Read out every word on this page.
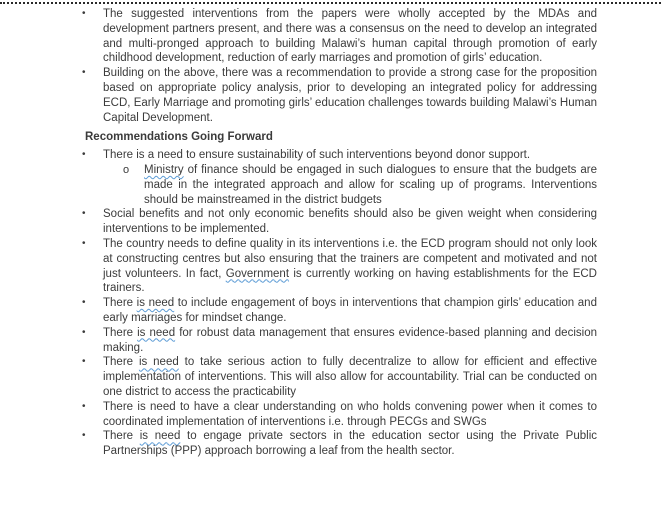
•	The suggested interventions from the papers were wholly accepted by the MDAs and development partners present, and there was a consensus on the need to develop an integrated and multi-pronged approach to building Malawi’s human capital through promotion of early childhood development, reduction of early marriages and promotion of girls’ education.
•	Building on the above, there was a recommendation to provide a strong case for the proposition based on appropriate policy analysis, prior to developing an integrated policy for addressing ECD, Early Marriage and promoting girls’ education challenges towards building Malawi’s Human Capital Development.
Recommendations Going Forward
•	There is a need to ensure sustainability of such interventions beyond donor support.
o Ministry of finance should be engaged in such dialogues to ensure that the budgets are made in the integrated approach and allow for scaling up of programs. Interventions should be mainstreamed in the district budgets
•	Social benefits and not only economic benefits should also be given weight when considering interventions to be implemented.
•	The country needs to define quality in its interventions i.e. the ECD program should not only look at constructing centres but also ensuring that the trainers are competent and motivated and not just volunteers. In fact, Government is currently working on having establishments for the ECD trainers.
•	There is need to include engagement of boys in interventions that champion girls’ education and early marriages for mindset change.
•	There is need for robust data management that ensures evidence-based planning and decision making.
•	There is need to take serious action to fully decentralize to allow for efficient and effective implementation of interventions. This will also allow for accountability. Trial can be conducted on one district to access the practicability
•	There is need to have a clear understanding on who holds convening power when it comes to coordinated implementation of interventions i.e. through PECGs and SWGs
•	There is need to engage private sectors in the education sector using the Private Public Partnerships (PPP) approach borrowing a leaf from the health sector.
